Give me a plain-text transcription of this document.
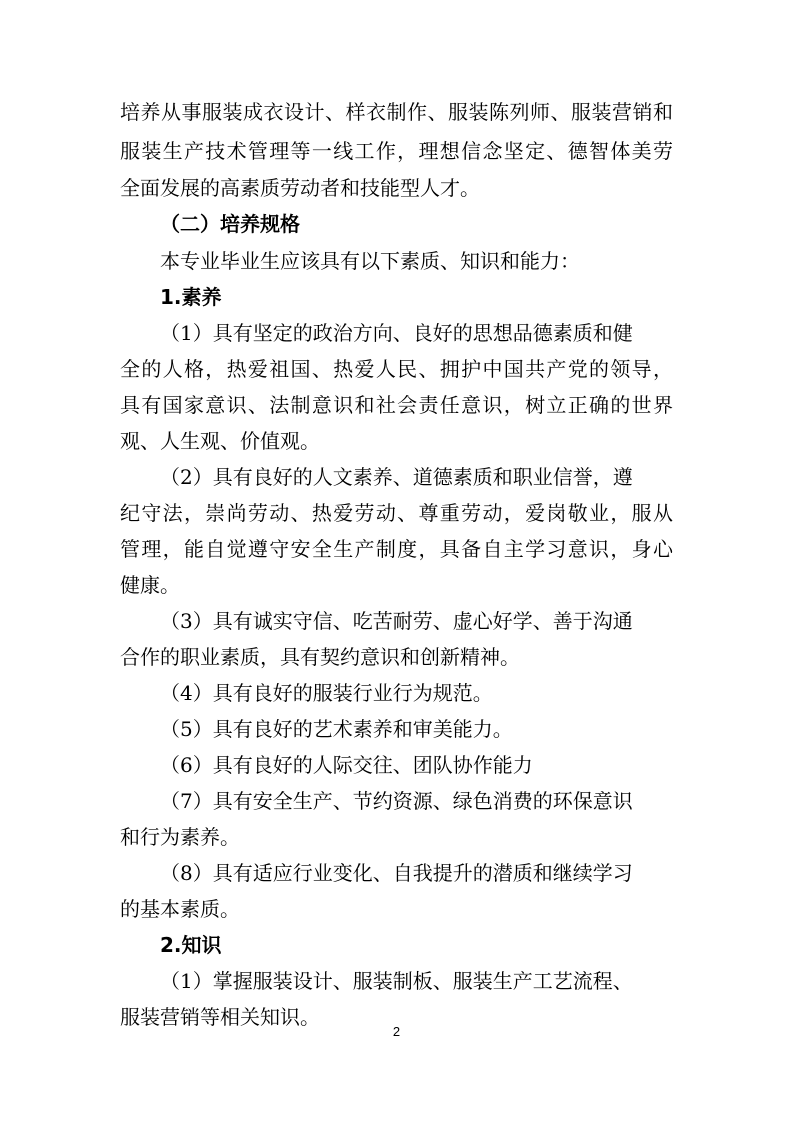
培养从事服装成衣设计、样衣制作、服装陈列师、服装营销和
服装生产技术管理等一线工作，理想信念坚定、德智体美劳
全面发展的高素质劳动者和技能型人才。
（二）培养规格
本专业毕业生应该具有以下素质、知识和能力：
1.素养
（1）具有坚定的政治方向、良好的思想品德素质和健
全的人格，热爱祖国、热爱人民、拥护中国共产党的领导，
具有国家意识、法制意识和社会责任意识，树立正确的世界
观、人生观、价值观。
（2）具有良好的人文素养、道德素质和职业信誉，遵
纪守法，崇尚劳动、热爱劳动、尊重劳动，爱岗敬业，服从
管理，能自觉遵守安全生产制度，具备自主学习意识，身心
健康。
（3）具有诚实守信、吃苦耐劳、虚心好学、善于沟通
合作的职业素质，具有契约意识和创新精神。
（4）具有良好的服装行业行为规范。
（5）具有良好的艺术素养和审美能力。
（6）具有良好的人际交往、团队协作能力
（7）具有安全生产、节约资源、绿色消费的环保意识
和行为素养。
（8）具有适应行业变化、自我提升的潜质和继续学习
的基本素质。
2.知识
（1）掌握服装设计、服装制板、服装生产工艺流程、
服装营销等相关知识。
2
